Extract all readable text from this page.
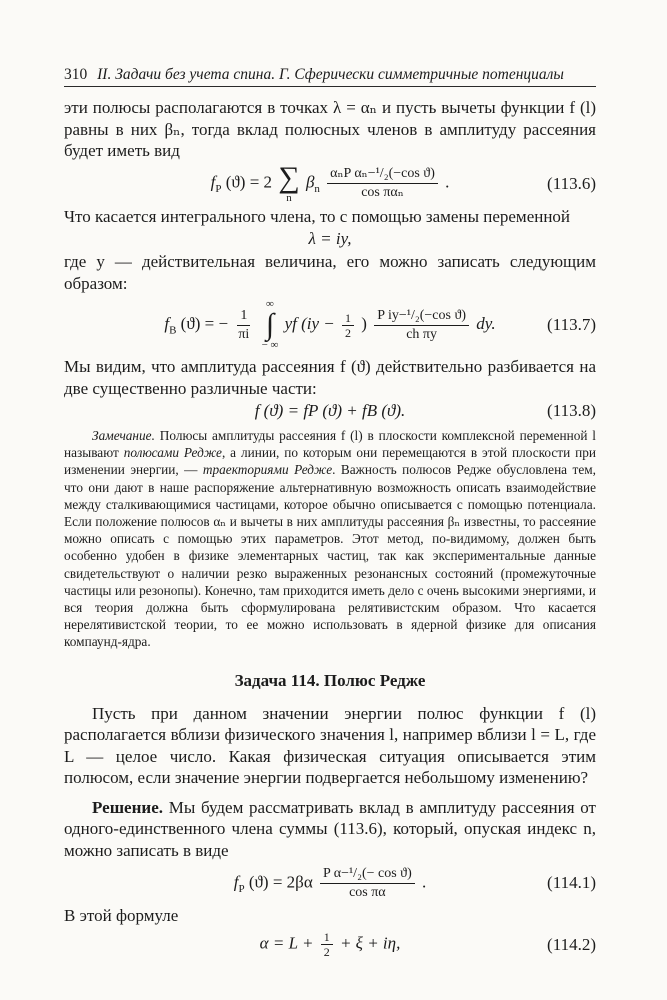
310 II. Задачи без учета спина. Г. Сферически симметричные потенциалы

эти полюсы располагаются в точках λ = αₙ и пусть вычеты функции f (l) равны в них βₙ, тогда вклад полюсных членов в амплитуду рассеяния будет иметь вид

$f_P$ (ϑ) = 2 ∑
n
$\beta_n \frac{\text{αₙP αₙ−¹/₂(−cos ϑ)}}{\text{cos παₙ}}$ .	(113.6)

Что касается интегрального члена, то с помощью замены переменной

λ = iy,

где y — действительная величина, его можно записать следующим образом:

$f_B$ (ϑ) = − $\frac{1}{\pi i}$

∞
∫
− ∞
yf ($iy - \frac{1}{2}$ ) $\frac{\text{P iy−¹/₂(−cos ϑ)}}{\text{ch πy}}$ dy.	(113.7)

Мы видим, что амплитуда рассеяния f (ϑ) действительно разбивается на две существенно различные части:

f (ϑ) = fP (ϑ) + fB (ϑ).	(113.8)

Замечание. Полюсы амплитуды рассеяния f (l) в плоскости комплексной переменной l называют полюсами Редже, а линии, по которым они перемещаются в этой плоскости при изменении энергии, — траекториями Редже. Важность полюсов Редже обусловлена тем, что они дают в наше распоряжение альтернативную возможность описать взаимодействие между сталкивающимися частицами, которое обычно описывается с помощью потенциала. Если положение полюсов αₙ и вычеты в них амплитуды рассеяния βₙ известны, то рассеяние можно описать с помощью этих параметров. Этот метод, по-видимому, должен быть особенно удобен в физике элементарных частиц, так как экспериментальные данные свидетельствуют о наличии резко выраженных резонансных состояний (промежуточные частицы или резонопы). Конечно, там приходится иметь дело с очень высокими энергиями, и вся теория должна быть сформулирована релятивистским образом. Что касается нерелятивистской теории, то ее можно использовать в ядерной физике для описания компаунд-ядра.

Задача 114. Полюс Редже

Пусть при данном значении энергии полюс функции f (l) располагается вблизи физического значения l, например вблизи l = L, где L — целое число. Какая физическая ситуация описывается этим полюсом, если значение энергии подвергается небольшому изменению?

Решение. Мы будем рассматривать вклад в амплитуду рассеяния от одного-единственного члена суммы (113.6), который, опуская индекс n, можно записать в виде

$f_P$ $(ϑ) = 2\beta\alpha \frac{\text{P α−¹/₂(− cos ϑ)}}{\text{cos πα}}$ .	(114.1)

В этой формуле

$\alpha = L + \frac{1}{2} + \xi + i\eta$,	(114.2)
